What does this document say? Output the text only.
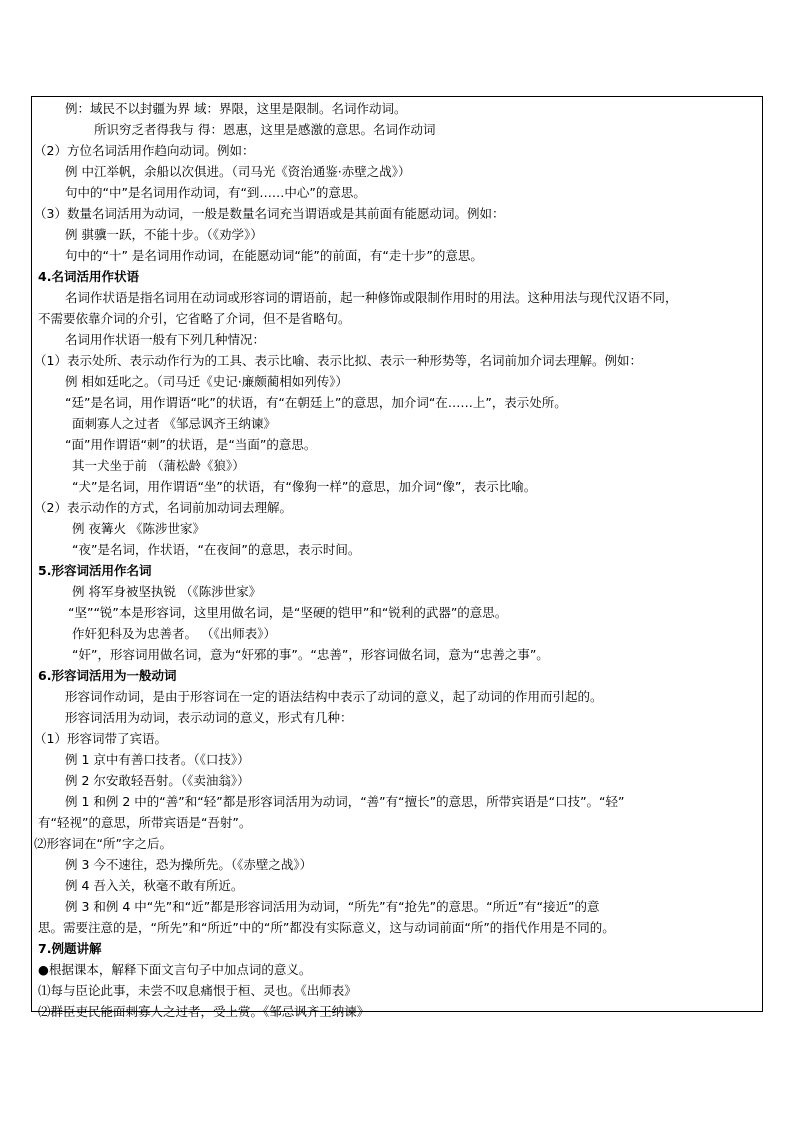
例：域民不以封疆为界 域：界限，这里是限制。名词作动词。
所识穷乏者得我与 得：恩惠，这里是感激的意思。名词作动词
（2）方位名词活用作趋向动词。例如：
例 中江举帆，余船以次俱进。（司马光《资治通鉴·赤壁之战》）
句中的“中”是名词用作动词，有“到……中心”的意思。
（3）数量名词活用为动词，一般是数量名词充当谓语或是其前面有能愿动词。例如：
例 骐骥一跃，不能十步。（《劝学》）
句中的“十” 是名词用作动词，在能愿动词“能”的前面，有“走十步”的意思。
4.名词活用作状语
名词作状语是指名词用在动词或形容词的谓语前，起一种修饰或限制作用时的用法。这种用法与现代汉语不同，
不需要依靠介词的介引，它省略了介词，但不是省略句。
名词用作状语一般有下列几种情况：
（1）表示处所、表示动作行为的工具、表示比喻、表示比拟、表示一种形势等，名词前加介词去理解。例如：
例 相如廷叱之。（司马迁《史记·廉颇蔺相如列传》）
“廷”是名词，用作谓语“叱”的状语，有“在朝廷上”的意思，加介词“在……上”，表示处所。
面刺寡人之过者 《邹忌讽齐王纳谏》
“面”用作谓语“刺”的状语，是“当面”的意思。
其一犬坐于前 （蒲松龄《狼》）
“犬”是名词，用作谓语“坐”的状语，有“像狗一样”的意思，加介词“像”，表示比喻。
（2）表示动作的方式，名词前加动词去理解。
例 夜篝火 《陈涉世家》
“夜”是名词，作状语，“在夜间”的意思，表示时间。
5.形容词活用作名词
例 将军身被坚执锐 （《陈涉世家》
“坚”“锐”本是形容词，这里用做名词，是“坚硬的铠甲”和“锐利的武器”的意思。
作奸犯科及为忠善者。 （《出师表》）
“奸”，形容词用做名词，意为“奸邪的事”。“忠善”，形容词做名词，意为“忠善之事”。
6.形容词活用为一般动词
形容词作动词，是由于形容词在一定的语法结构中表示了动词的意义，起了动词的作用而引起的。
形容词活用为动词，表示动词的意义，形式有几种：
（1）形容词带了宾语。
例 1 京中有善口技者。（《口技》）
例 2 尔安敢轻吾射。（《卖油翁》）
例 1 和例 2 中的“善”和“轻”都是形容词活用为动词，“善”有“擅长”的意思，所带宾语是“口技”。“轻”
有“轻视”的意思，所带宾语是“吾射”。
⑵形容词在“所”字之后。
例 3 今不速往，恐为操所先。（《赤壁之战》）
例 4 吾入关，秋毫不敢有所近。
例 3 和例 4 中“先”和“近”都是形容词活用为动词，“所先”有“抢先”的意思。“所近”有“接近”的意
思。需要注意的是，“所先”和“所近”中的“所”都没有实际意义，这与动词前面“所”的指代作用是不同的。
7.例题讲解
●根据课本，解释下面文言句子中加点词的意义。
⑴每与臣论此事，未尝不叹息痛恨于桓、灵也。《出师表》
⑵群臣吏民能面刺寡人之过者，受上赏。《邹忌讽齐王纳谏》
